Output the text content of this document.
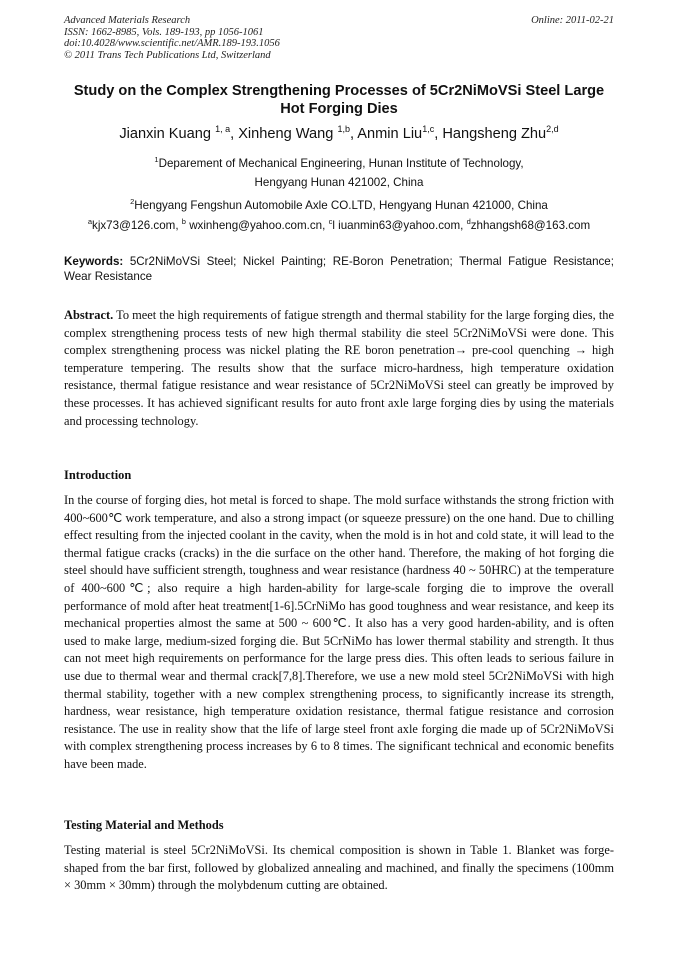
Advanced Materials Research
ISSN: 1662-8985, Vols. 189-193, pp 1056-1061
doi:10.4028/www.scientific.net/AMR.189-193.1056
© 2011 Trans Tech Publications Ltd, Switzerland
Online: 2011-02-21
Study on the Complex Strengthening Processes of 5Cr2NiMoVSi Steel Large Hot Forging Dies
Jianxin Kuang $^{1, a}$, Xinheng Wang $^{1,b}$, Anmin Liu$^{1,c}$, Hangsheng Zhu$^{2,d}$
$^1$Deparement of Mechanical Engineering, Hunan Institute of Technology,
Hengyang Hunan 421002, China
$^2$Hengyang Fengshun Automobile Axle CO.LTD, Hengyang Hunan 421000, China
$^a$kjx73@126.com, $^b$ wxinheng@yahoo.com.cn, $^c$l iuanmin63@yahoo.com, $^d$zhhangsh68@163.com
Keywords: 5Cr2NiMoVSi Steel; Nickel Painting; RE-Boron Penetration; Thermal Fatigue Resistance; Wear Resistance
Abstract. To meet the high requirements of fatigue strength and thermal stability for the large forging dies, the complex strengthening process tests of new high thermal stability die steel 5Cr2NiMoVSi were done. This complex strengthening process was nickel plating the RE boron penetration→ pre-cool quenching → high temperature tempering. The results show that the surface micro-hardness, high temperature oxidation resistance, thermal fatigue resistance and wear resistance of 5Cr2NiMoVSi steel can greatly be improved by these processes. It has achieved significant results for auto front axle large forging dies by using the materials and processing technology.
Introduction
In the course of forging dies, hot metal is forced to shape. The mold surface withstands the strong friction with 400~600℃ work temperature, and also a strong impact (or squeeze pressure) on the one hand. Due to chilling effect resulting from the injected coolant in the cavity, when the mold is in hot and cold state, it will lead to the thermal fatigue cracks (cracks) in the die surface on the other hand. Therefore, the making of hot forging die steel should have sufficient strength, toughness and wear resistance (hardness 40 ~ 50HRC) at the temperature of 400~600℃; also require a high harden-ability for large-scale forging die to improve the overall performance of mold after heat treatment[1-6].5CrNiMo has good toughness and wear resistance, and keep its mechanical properties almost the same at 500 ~ 600℃. It also has a very good harden-ability, and is often used to make large, medium-sized forging die. But 5CrNiMo has lower thermal stability and strength. It thus can not meet high requirements on performance for the large press dies. This often leads to serious failure in use due to thermal wear and thermal crack[7,8].Therefore, we use a new mold steel 5Cr2NiMoVSi with high thermal stability, together with a new complex strengthening process, to significantly increase its strength, hardness, wear resistance, high temperature oxidation resistance, thermal fatigue resistance and corrosion resistance. The use in reality show that the life of large steel front axle forging die made up of 5Cr2NiMoVSi with complex strengthening process increases by 6 to 8 times. The significant technical and economic benefits have been made.
Testing Material and Methods
Testing material is steel 5Cr2NiMoVSi. Its chemical composition is shown in Table 1. Blanket was forge-shaped from the bar first, followed by globalized annealing and machined, and finally the specimens (100mm × 30mm × 30mm) through the molybdenum cutting are obtained.
